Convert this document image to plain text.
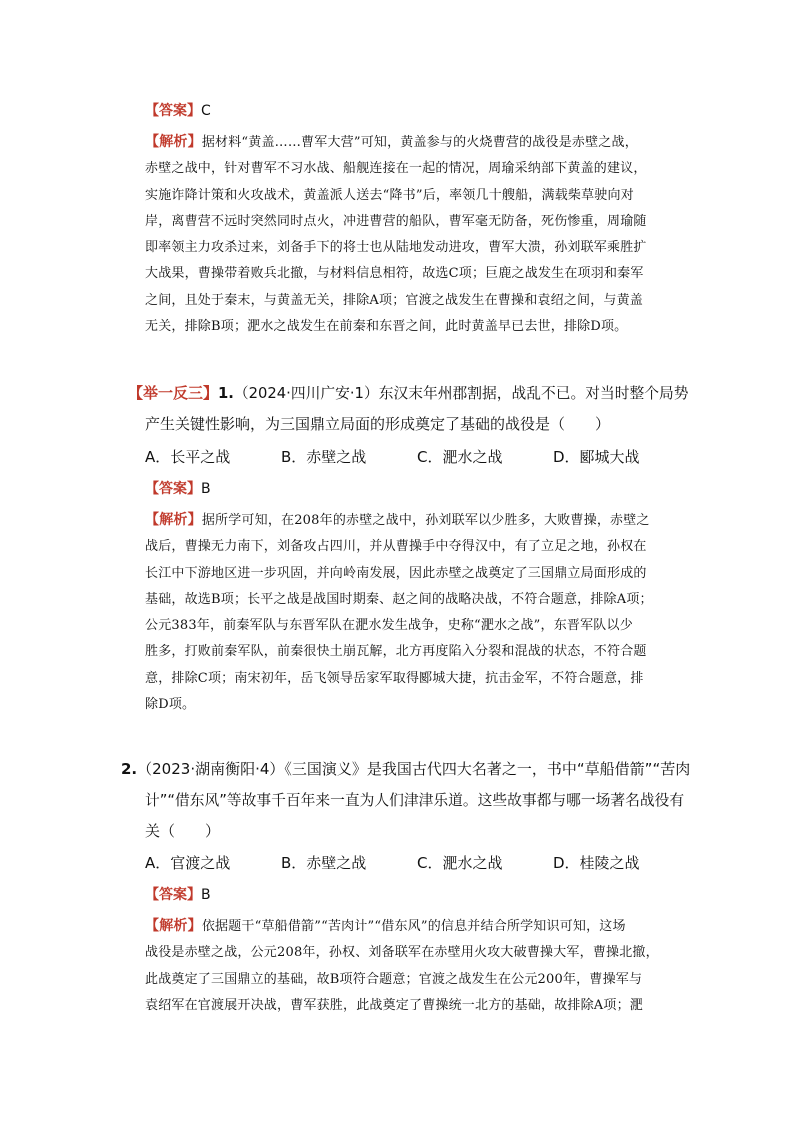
【答案】C
【解析】据材料“黄盖……曹军大营”可知，黄盖参与的火烧曹营的战役是赤壁之战，
赤壁之战中，针对曹军不习水战、船舰连接在一起的情况，周瑜采纳部下黄盖的建议，
实施诈降计策和火攻战术，黄盖派人送去“降书”后，率领几十艘船，满载柴草驶向对
岸，离曹营不远时突然同时点火，冲进曹营的船队，曹军毫无防备，死伤惨重，周瑜随
即率领主力攻杀过来，刘备手下的将士也从陆地发动进攻，曹军大溃，孙刘联军乘胜扩
大战果，曹操带着败兵北撤，与材料信息相符，故选C项；巨鹿之战发生在项羽和秦军
之间，且处于秦末，与黄盖无关，排除A项；官渡之战发生在曹操和袁绍之间，与黄盖
无关，排除B项；淝水之战发生在前秦和东晋之间，此时黄盖早已去世，排除D项。
【举一反三】1.（2024·四川广安·1）东汉末年州郡割据，战乱不已。对当时整个局势
产生关键性影响，为三国鼎立局面的形成奠定了基础的战役是（　　）
A．长平之战	B．赤壁之战	C．淝水之战	D．郾城大战
【答案】B
【解析】据所学可知，在208年的赤壁之战中，孙刘联军以少胜多，大败曹操，赤壁之
战后，曹操无力南下，刘备攻占四川，并从曹操手中夺得汉中，有了立足之地，孙权在
长江中下游地区进一步巩固，并向岭南发展，因此赤壁之战奠定了三国鼎立局面形成的
基础，故选B项；长平之战是战国时期秦、赵之间的战略决战，不符合题意，排除A项；
公元383年，前秦军队与东晋军队在淝水发生战争，史称“淝水之战”，东晋军队以少
胜多，打败前秦军队，前秦很快土崩瓦解，北方再度陷入分裂和混战的状态，不符合题
意，排除C项；南宋初年，岳飞领导岳家军取得郾城大捷，抗击金军，不符合题意，排
除D项。
2.（2023·湖南衡阳·4）《三国演义》是我国古代四大名著之一，书中“草船借箭”“苦肉
计”“借东风”等故事千百年来一直为人们津津乐道。这些故事都与哪一场著名战役有
关（　　）
A．官渡之战	B．赤壁之战	C．淝水之战	D．桂陵之战
【答案】B
【解析】依据题干“草船借箭”“苦肉计”“借东风”的信息并结合所学知识可知，这场
战役是赤壁之战，公元208年，孙权、刘备联军在赤壁用火攻大破曹操大军，曹操北撤，
此战奠定了三国鼎立的基础，故B项符合题意；官渡之战发生在公元200年，曹操军与
袁绍军在官渡展开决战，曹军获胜，此战奠定了曹操统一北方的基础，故排除A项；淝
